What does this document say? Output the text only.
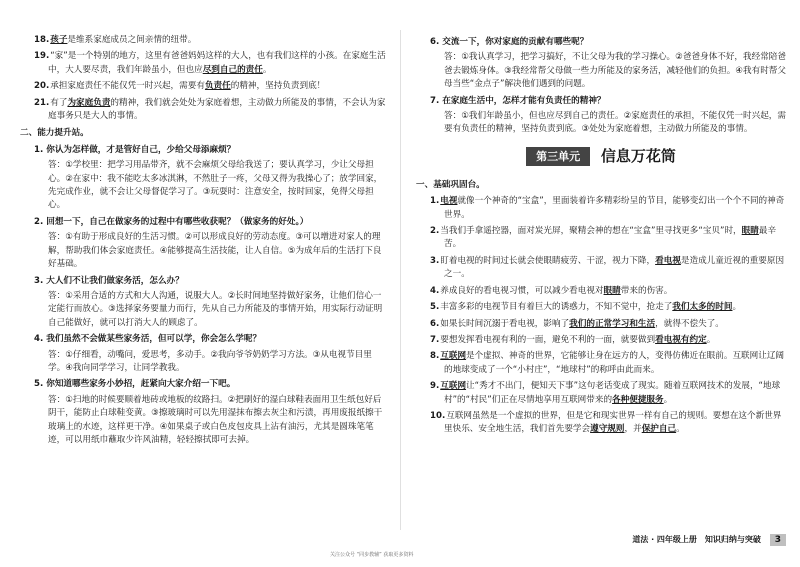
18.孩子是维系家庭成员之间亲情的纽带。
19.“家”是一个特别的地方，这里有爸爸妈妈这样的大人，也有我们这样的小孩。在家庭生活中，大人要尽责，我们年龄虽小，但也应尽到自己的责任。
20.承担家庭责任不能仅凭一时兴起，需要有负责任的精神，坚持负责到底！
21.有了为家庭负责的精神，我们就会处处为家庭着想，主动做力所能及的事情，不会认为家庭事务只是大人的事情。
二、能力提升站。
1. 你认为怎样做，才是管好自己，少给父母添麻烦？
答：①学校里：把学习用品带齐，就不会麻烦父母给我送了；要认真学习，少让父母担心。②在家中：我不能吃太多冰淇淋，不然肚子一疼，父母又得为我操心了；放学回家，先完成作业，就不会让父母督促学习了。③玩耍时：注意安全，按时回家，免得父母担心。
2. 回想一下，自己在做家务的过程中有哪些收获呢？（做家务的好处。）
答：①有助于形成良好的生活习惯。②可以形成良好的劳动态度。③可以增进对家人的理解，帮助我们体会家庭责任。④能够提高生活技能，让人自信。⑤为成年后的生活打下良好基础。
3. 大人们不让我们做家务活，怎么办？
答：①采用合适的方式和大人沟通，说服大人。②长时间地坚持做好家务，让他们信心一定能行而放心。③选择家务要量力而行，先从自己力所能及的事情开始，用实际行动证明自己能做好，就可以打消大人的顾虑了。
4. 我们虽然不会做某些家务活，但可以学，你会怎么学呢？
答：①仔细看，动嘴问，爱思考，多动手。②我向爷爷奶奶学习方法。③从电视节目里学。④我向同学学习，让同学教我。
5. 你知道哪些家务小妙招，赶紧向大家介绍一下吧。
答：①扫地的时候要顺着地砖或地板的纹路扫。②把刷好的湿白球鞋表面用卫生纸包好后阴干，能防止白球鞋变黄。③擦玻璃时可以先用湿抹布擦去灰尘和污渍，再用废报纸擦干玻璃上的水迹，这样更干净。④如果桌子或白色皮包皮具上沾有油污，尤其是圆珠笔笔迹，可以用纸巾蘸取少许风油精，轻轻擦拭即可去掉。
6. 交流一下，你对家庭的贡献有哪些呢？
答：①我认真学习，把学习搞好，不让父母为我的学习操心。②爸爸身体不好，我经常陪爸爸去锻炼身体。③我经常帮父母做一些力所能及的家务活，减轻他们的负担。④我有时帮父母当些“金点子”解决他们遇到的问题。
7. 在家庭生活中，怎样才能有负责任的精神？
答：①我们年龄虽小，但也应尽到自己的责任。②家庭责任的承担，不能仅凭一时兴起，需要有负责任的精神，坚持负责到底。③处处为家庭着想，主动做力所能及的事情。
第三单元 信息万花筒
一、基础巩固台。
1.电视就像一个神奇的“宝盒”，里面装着许多精彩纷呈的节目，能够变幻出一个个不同的神奇世界。
2.当我们手拿遥控器，面对炭光屏，聚精会神的想在“宝盒”里寻找更多“宝贝”时，眼睛最辛苦。
3.盯着电视的时间过长就会使眼睛疲劳、干涩，视力下降，看电视是造成儿童近视的重要原因之一。
4.养成良好的看电视习惯，可以减少看电视对眼睛带来的伤害。
5.丰富多彩的电视节目有着巨大的诱惑力，不知不觉中，抢走了我们太多的时间。
6.如果长时间沉溺于看电视，影响了我们的正常学习和生活，就得不偿失了。
7.要想发挥看电视有利的一面，避免不利的一面，就要做到看电视有约定。
8.互联网是个虚拟、神奇的世界，它能够让身在远方的人，变得仿佛近在眼前。互联网让辽阔的地球变成了一个“小村庄”，“地球村”的称呼由此而来。
9.互联网让“秀才不出门，便知天下事”这句老话变成了现实。随着互联网技术的发展，“地球村”的“村民”们正在尽情地享用互联网带来的各种便捷服务。
10.互联网虽然是一个虚拟的世界，但是它和现实世界一样有自己的规则。要想在这个新世界里快乐、安全地生活，我们首先要学会遵守规则，并保护自己。
关注公众号 “同步教辅” 获取更多资料
道法 · 四年级上册　知识归纳与突破 3
